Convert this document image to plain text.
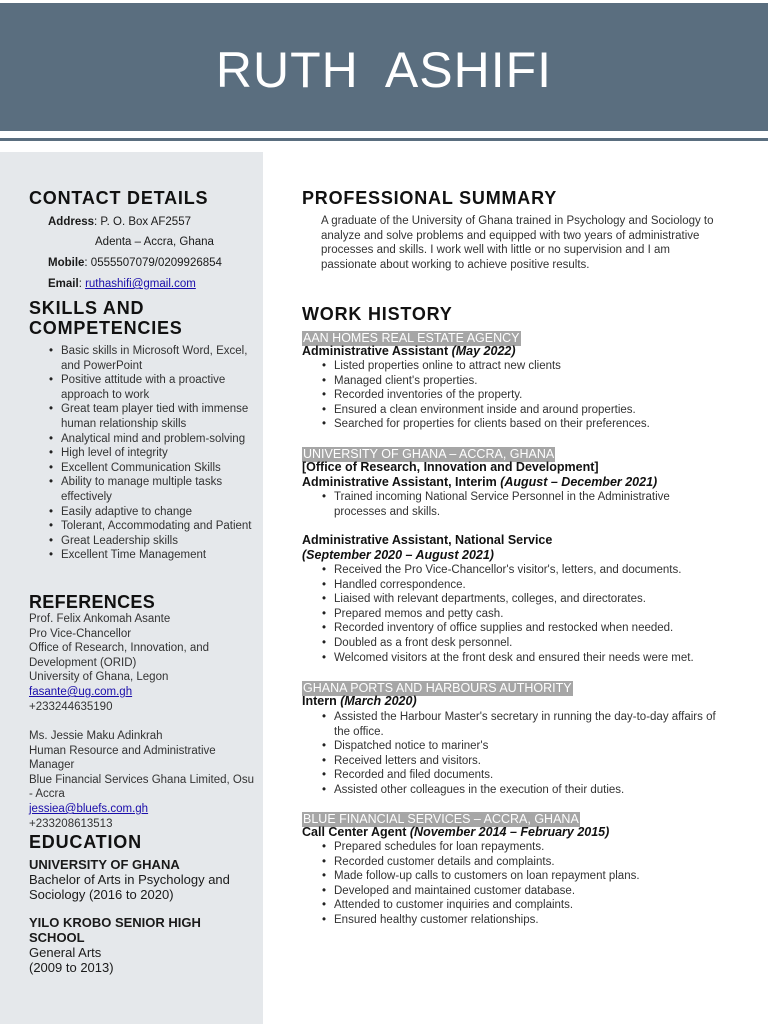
RUTH ASHIFI
CONTACT DETAILS
Address: P. O. Box AF2557
Adenta – Accra, Ghana
Mobile: 0555507079/0209926854
Email: ruthashifi@gmail.com
SKILLS AND
COMPETENCIES
• Basic skills in Microsoft Word, Excel, and PowerPoint
• Positive attitude with a proactive approach to work
• Great team player tied with immense human relationship skills
• Analytical mind and problem-solving
• High level of integrity
• Excellent Communication Skills
• Ability to manage multiple tasks effectively
• Easily adaptive to change
• Tolerant, Accommodating and Patient
• Great Leadership skills
• Excellent Time Management
REFERENCES
Prof. Felix Ankomah Asante
Pro Vice-Chancellor
Office of Research, Innovation, and Development (ORID)
University of Ghana, Legon
fasante@ug.com.gh
+233244635190
Ms. Jessie Maku Adinkrah
Human Resource and Administrative Manager
Blue Financial Services Ghana Limited, Osu - Accra
jessiea@bluefs.com.gh
+233208613513
EDUCATION
UNIVERSITY OF GHANA
Bachelor of Arts in Psychology and Sociology (2016 to 2020)
YILO KROBO SENIOR HIGH SCHOOL
General Arts
(2009 to 2013)
PROFESSIONAL SUMMARY
A graduate of the University of Ghana trained in Psychology and Sociology to analyze and solve problems and equipped with two years of administrative processes and skills. I work well with little or no supervision and I am passionate about working to achieve positive results.
WORK HISTORY
AAN HOMES REAL ESTATE AGENCY
Administrative Assistant (May 2022)
• Listed properties online to attract new clients
• Managed client's properties.
• Recorded inventories of the property.
• Ensured a clean environment inside and around properties.
• Searched for properties for clients based on their preferences.
UNIVERSITY OF GHANA – ACCRA, GHANA
[Office of Research, Innovation and Development]
Administrative Assistant, Interim (August – December 2021)
• Trained incoming National Service Personnel in the Administrative processes and skills.
Administrative Assistant, National Service
(September 2020 – August 2021)
• Received the Pro Vice-Chancellor's visitor's, letters, and documents.
• Handled correspondence.
• Liaised with relevant departments, colleges, and directorates.
• Prepared memos and petty cash.
• Recorded inventory of office supplies and restocked when needed.
• Doubled as a front desk personnel.
• Welcomed visitors at the front desk and ensured their needs were met.
GHANA PORTS AND HARBOURS AUTHORITY
Intern (March 2020)
• Assisted the Harbour Master's secretary in running the day-to-day affairs of the office.
• Dispatched notice to mariner's
• Received letters and visitors.
• Recorded and filed documents.
• Assisted other colleagues in the execution of their duties.
BLUE FINANCIAL SERVICES – ACCRA, GHANA
Call Center Agent (November 2014 – February 2015)
• Prepared schedules for loan repayments.
• Recorded customer details and complaints.
• Made follow-up calls to customers on loan repayment plans.
• Developed and maintained customer database.
• Attended to customer inquiries and complaints.
• Ensured healthy customer relationships.
